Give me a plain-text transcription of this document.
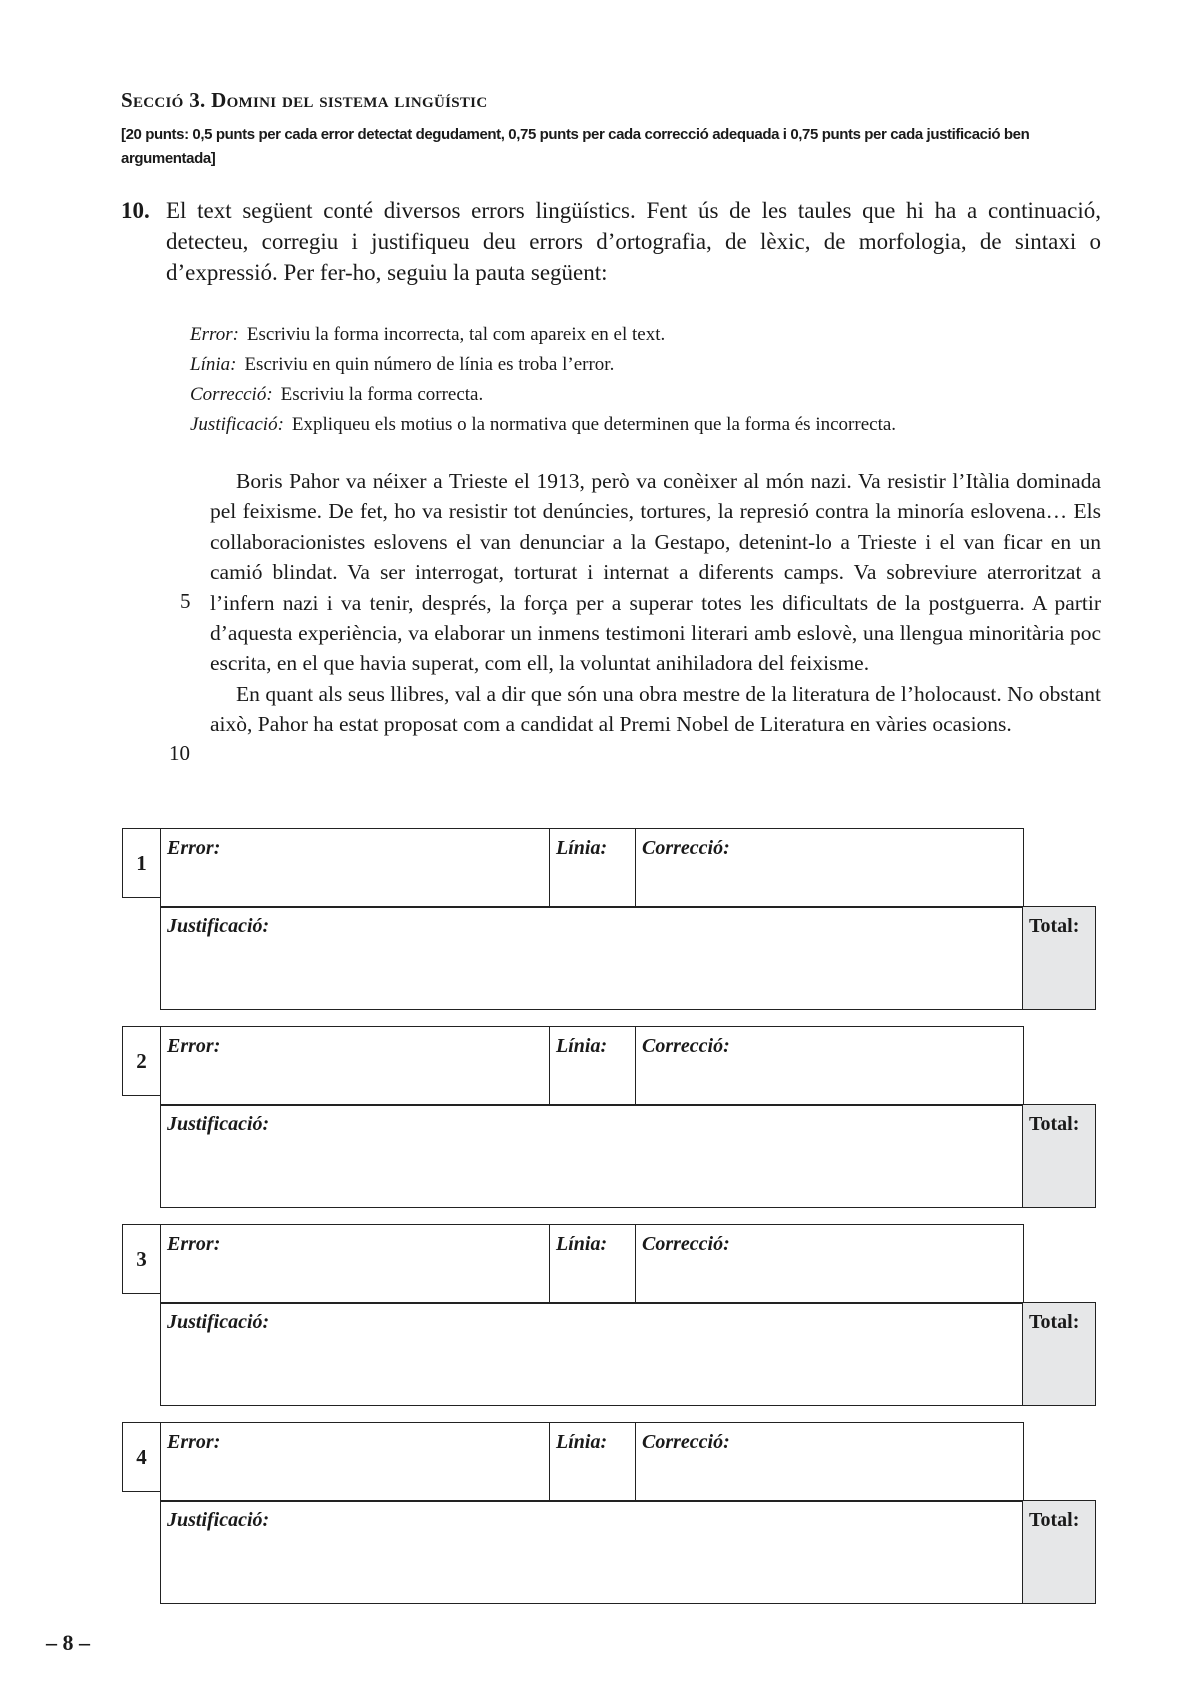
Secció 3. Domini del sistema lingüístic
[20 punts: 0,5 punts per cada error detectat degudament, 0,75 punts per cada correcció adequada i 0,75 punts per cada justificació ben argumentada]
10. El text següent conté diversos errors lingüístics. Fent ús de les taules que hi ha a continuació, detecteu, corregiu i justifiqueu deu errors d’ortografia, de lèxic, de morfologia, de sintaxi o d’expressió. Per fer-ho, seguiu la pauta següent:
Error: Escriviu la forma incorrecta, tal com apareix en el text.
Línia: Escriviu en quin número de línia es troba l’error.
Correcció: Escriviu la forma correcta.
Justificació: Expliqueu els motius o la normativa que determinen que la forma és incorrecta.

Boris Pahor va néixer a Trieste el 1913, però va conèixer al món nazi. Va resistir l’Itàlia dominada pel feixisme. De fet, ho va resistir tot denúncies, tortures, la represió contra la minoría eslovena… Els collaboracionistes eslovens el van denunciar a la Gestapo, detenint-lo a Trieste i el van ficar en un camió blindat. Va ser interrogat, torturat i internat a diferents camps. Va sobreviure aterroritzat a l’infern nazi i va tenir, després, la força per a superar totes les dificultats de la postguerra. A partir d’aquesta experiència, va elaborar un inmens testimoni literari amb eslovè, una llengua minoritària poc escrita, en el que havia superat, com ell, la voluntat anihiladora del feixisme.

En quant als seus llibres, val a dir que són una obra mestre de la literatura de l’holocaust. No obstant això, Pahor ha estat proposat com a candidat al Premi Nobel de Literatura en vàries ocasions.

5
10
1
Error:	Línia: Correcció:
Justificació:	Total:
2
Error:	Línia: Correcció:
Justificació:	Total:
3
Error:	Línia: Correcció:
Justificació:	Total:
4
Error:	Línia: Correcció:
Justificació:	Total:
– 8 –
